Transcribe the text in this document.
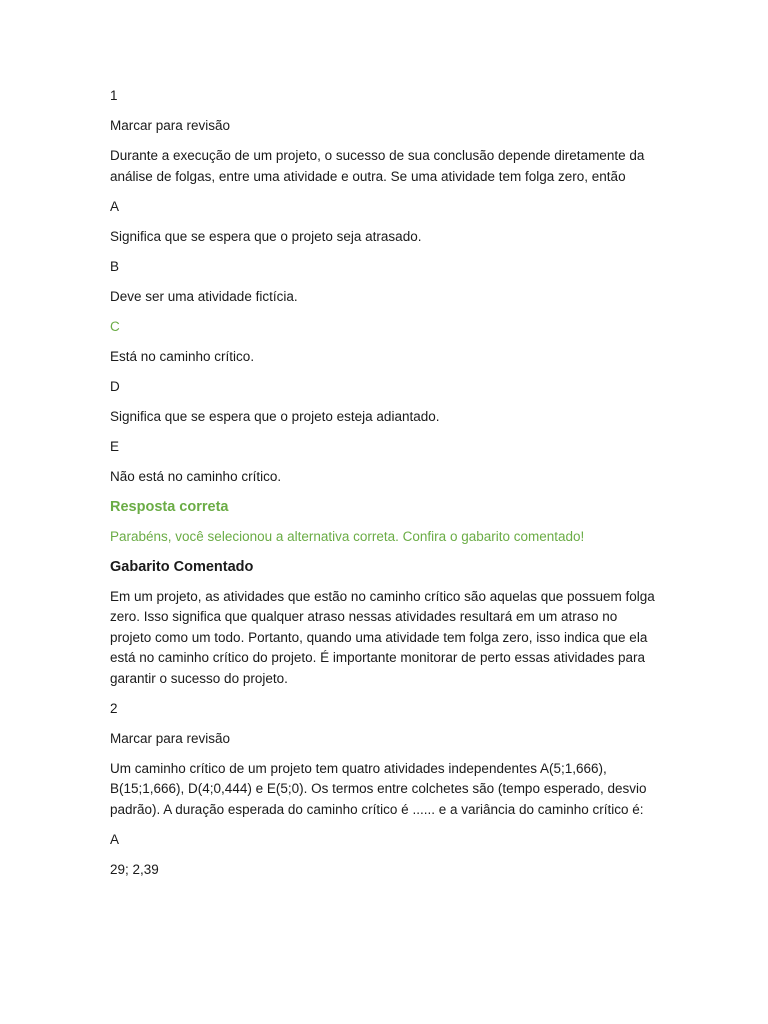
1

Marcar para revisão

Durante a execução de um projeto, o sucesso de sua conclusão depende diretamente da análise de folgas, entre uma atividade e outra. Se uma atividade tem folga zero, então

A

Significa que se espera que o projeto seja atrasado.

B

Deve ser uma atividade fictícia.

C

Está no caminho crítico.

D

Significa que se espera que o projeto esteja adiantado.

E

Não está no caminho crítico.

Resposta correta

Parabéns, você selecionou a alternativa correta. Confira o gabarito comentado!

Gabarito Comentado

Em um projeto, as atividades que estão no caminho crítico são aquelas que possuem folga zero. Isso significa que qualquer atraso nessas atividades resultará em um atraso no projeto como um todo. Portanto, quando uma atividade tem folga zero, isso indica que ela está no caminho crítico do projeto. É importante monitorar de perto essas atividades para garantir o sucesso do projeto.

2

Marcar para revisão

Um caminho crítico de um projeto tem quatro atividades independentes A(5;1,666), B(15;1,666), D(4;0,444) e E(5;0). Os termos entre colchetes são (tempo esperado, desvio padrão). A duração esperada do caminho crítico é ...... e a variância do caminho crítico é:

A

29; 2,39
